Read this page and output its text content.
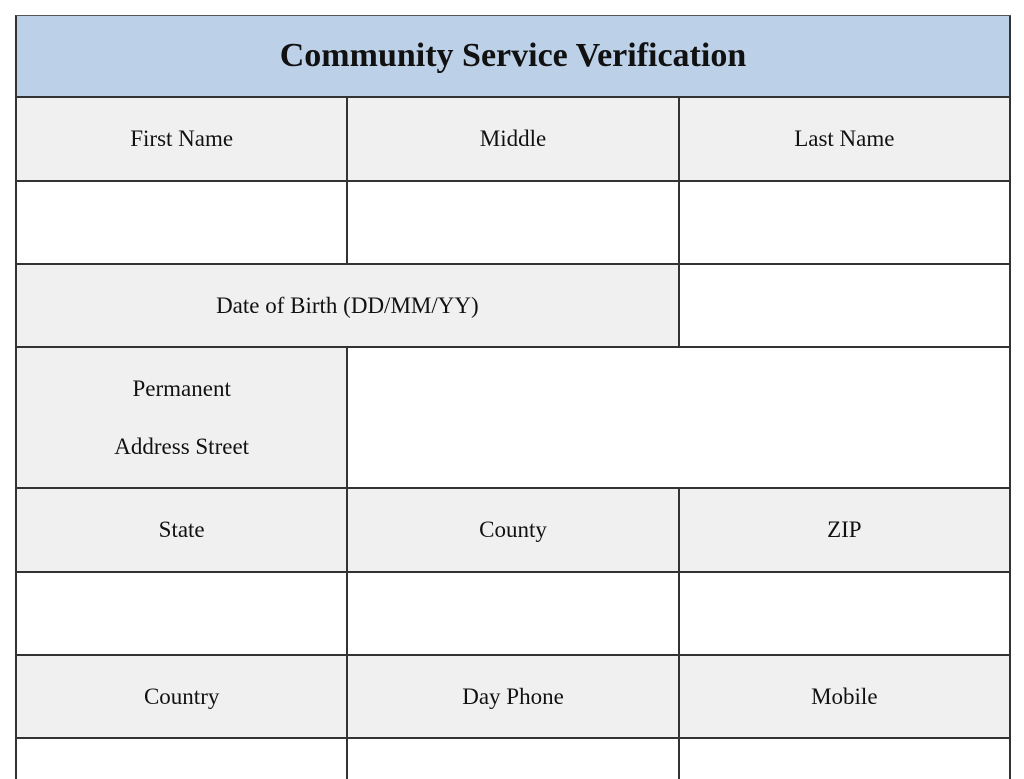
Community Service Verification
First Name	Middle	Last Name
Date of Birth (DD/MM/YY)
Permanent
Address Street
State	County	ZIP
Country	Day Phone	Mobile
